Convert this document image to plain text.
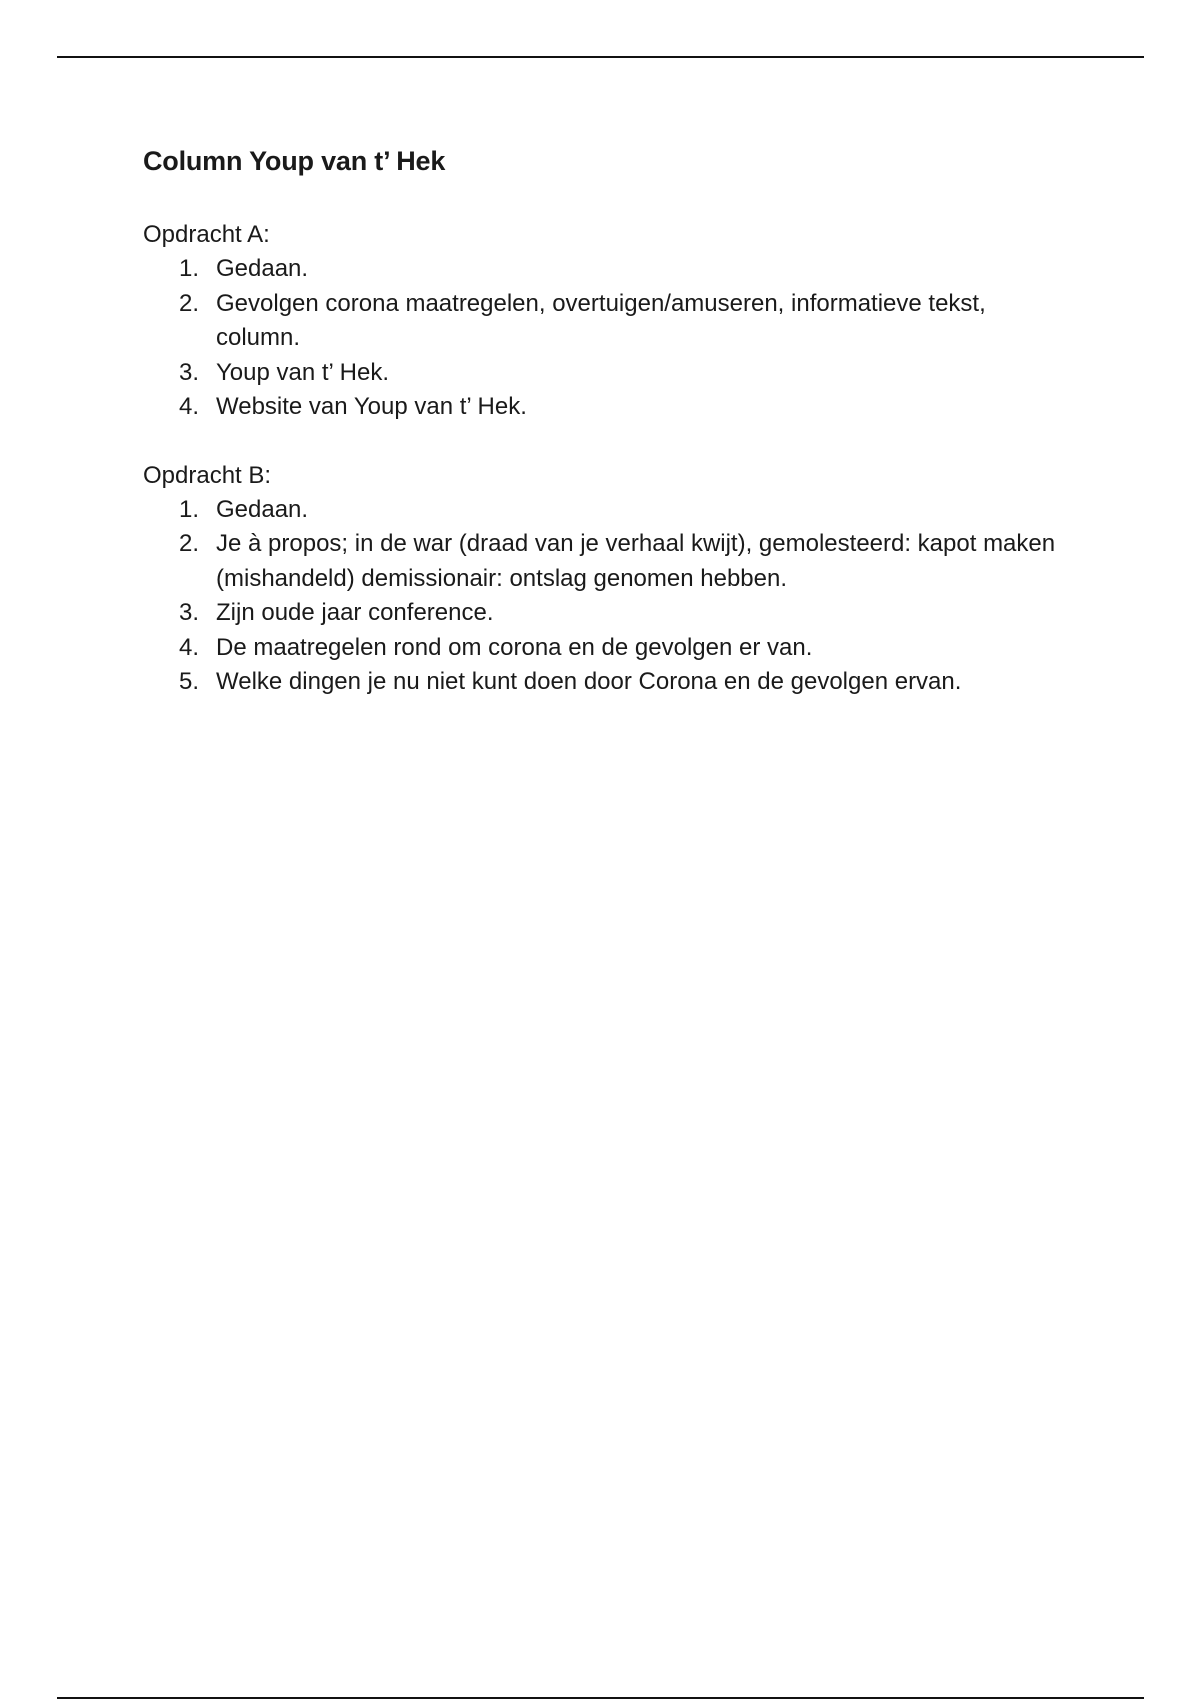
Column Youp van t’ Hek

Opdracht A:

1. Gedaan.
2. Gevolgen corona maatregelen, overtuigen/amuseren, informatieve tekst, column.
3. Youp van t’ Hek.
4. Website van Youp van t’ Hek.

Opdracht B:

1. Gedaan.
2. Je à propos; in de war (draad van je verhaal kwijt), gemolesteerd: kapot maken (mishandeld) demissionair: ontslag genomen hebben.
3. Zijn oude jaar conference.
4. De maatregelen rond om corona en de gevolgen er van.
5. Welke dingen je nu niet kunt doen door Corona en de gevolgen ervan.
